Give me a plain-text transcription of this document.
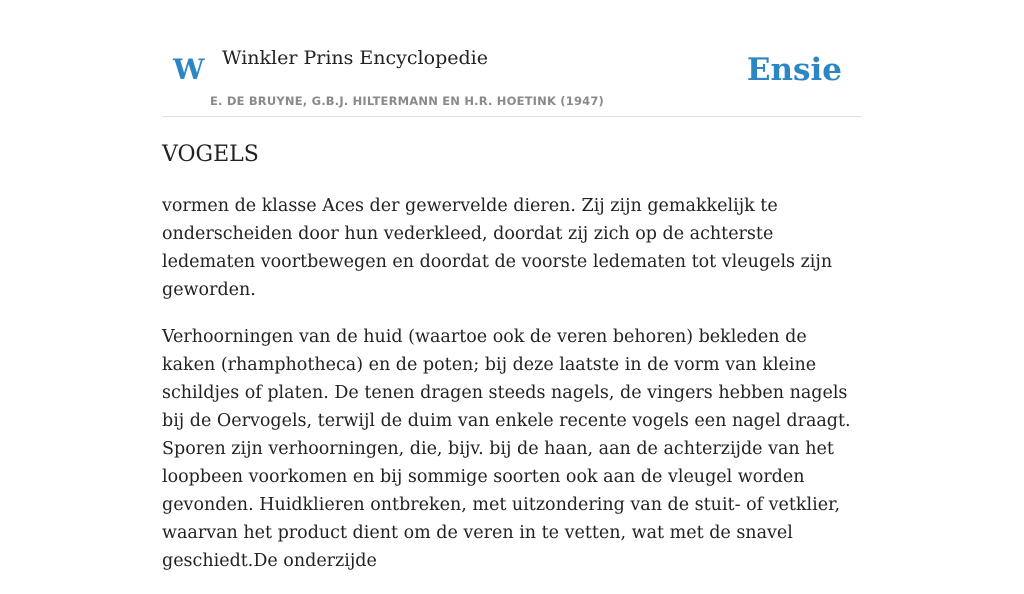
W Winkler Prins Encyclopedie
E. DE BRUYNE, G.B.J. HILTERMANN EN H.R. HOETINK (1947)
Ensie
VOGELS

vormen de klasse Aces der gewervelde dieren. Zij zijn gemakkelijk te onderscheiden door hun vederkleed, doordat zij zich op de achterste ledematen voortbewegen en doordat de voorste ledematen tot vleugels zijn geworden.

Verhoorningen van de huid (waartoe ook de veren behoren) bekleden de kaken (rhamphotheca) en de poten; bij deze laatste in de vorm van kleine schildjes of platen. De tenen dragen steeds nagels, de vingers hebben nagels bij de Oervogels, terwijl de duim van enkele recente vogels een nagel draagt. Sporen zijn verhoorningen, die, bijv. bij de haan, aan de achterzijde van het loopbeen voorkomen en bij sommige soorten ook aan de vleugel worden gevonden. Huidklieren ontbreken, met uitzondering van de stuit- of vetklier, waarvan het product dient om de veren in te vetten, wat met de snavel geschiedt.De onderzijde
